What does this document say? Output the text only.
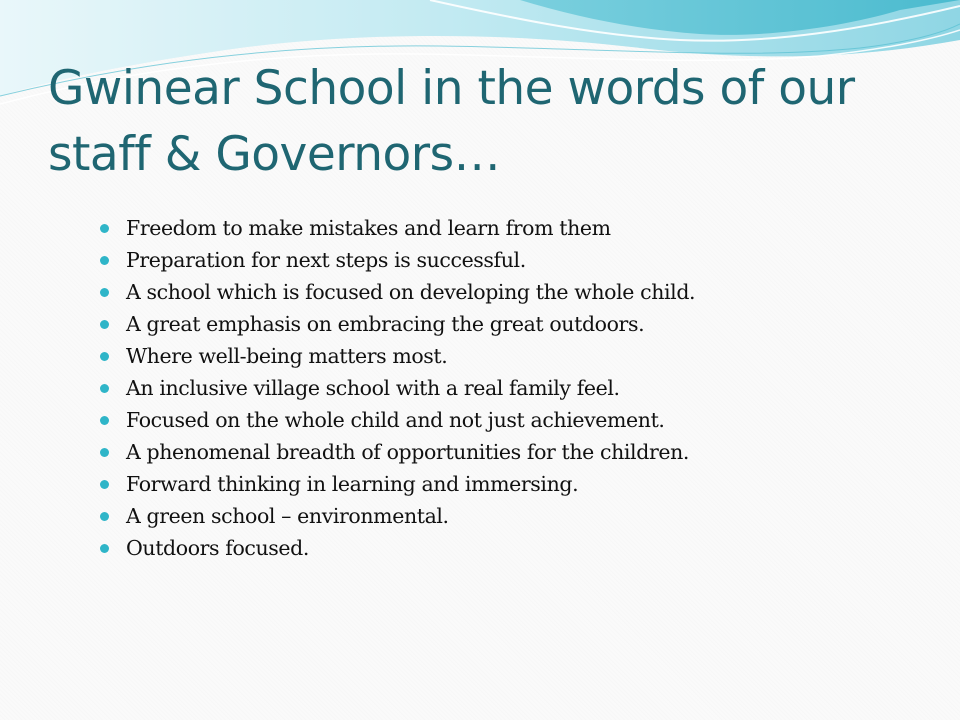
Gwinear School in the words of our staff & Governors…
Freedom to make mistakes and learn from them
Preparation for next steps is successful.
A school which is focused on developing the whole child.
A great emphasis on embracing the great outdoors.
Where well-being matters most.
An inclusive village school with a real family feel.
Focused on the whole child and not just achievement.
A phenomenal breadth of opportunities for the children.
Forward thinking in learning and immersing.
A green school – environmental.
Outdoors focused.
